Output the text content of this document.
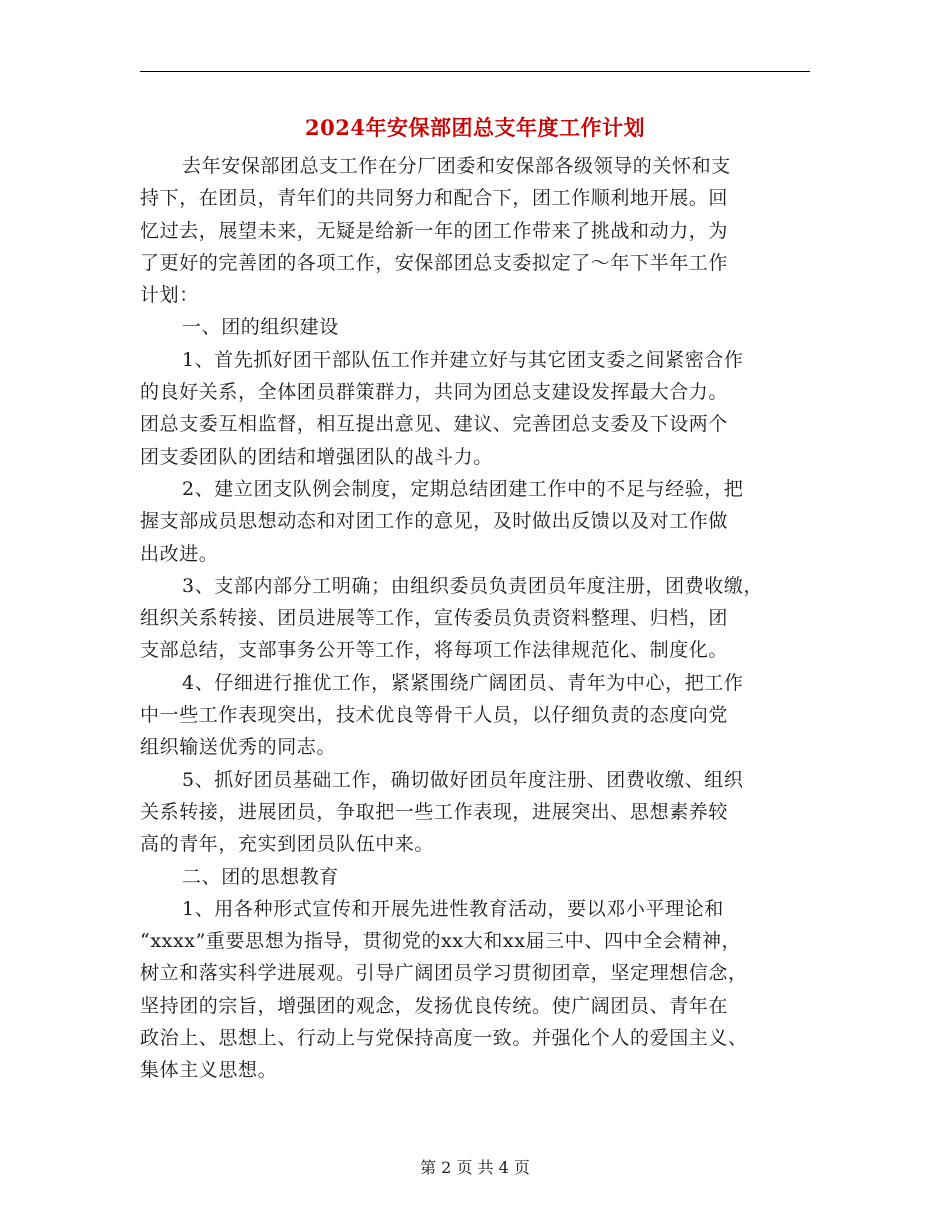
2024年安保部团总支年度工作计划
去年安保部团总支工作在分厂团委和安保部各级领导的关怀和支
持下，在团员，青年们的共同努力和配合下，团工作顺利地开展。回
忆过去，展望未来，无疑是给新一年的团工作带来了挑战和动力，为
了更好的完善团的各项工作，安保部团总支委拟定了～年下半年工作
计划：
一、团的组织建设
1、首先抓好团干部队伍工作并建立好与其它团支委之间紧密合作
的良好关系，全体团员群策群力，共同为团总支建设发挥最大合力。
团总支委互相监督，相互提出意见、建议、完善团总支委及下设两个
团支委团队的团结和增强团队的战斗力。
2、建立团支队例会制度，定期总结团建工作中的不足与经验，把
握支部成员思想动态和对团工作的意见，及时做出反馈以及对工作做
出改进。
3、支部内部分工明确；由组织委员负责团员年度注册，团费收缴，
组织关系转接、团员进展等工作，宣传委员负责资料整理、归档，团
支部总结，支部事务公开等工作，将每项工作法律规范化、制度化。
4、仔细进行推优工作，紧紧围绕广阔团员、青年为中心，把工作
中一些工作表现突出，技术优良等骨干人员，以仔细负责的态度向党
组织输送优秀的同志。
5、抓好团员基础工作，确切做好团员年度注册、团费收缴、组织
关系转接，进展团员，争取把一些工作表现，进展突出、思想素养较
高的青年，充实到团员队伍中来。
二、团的思想教育
1、用各种形式宣传和开展先进性教育活动，要以邓小平理论和
“xxxx”重要思想为指导，贯彻党的xx大和xx届三中、四中全会精神，
树立和落实科学进展观。引导广阔团员学习贯彻团章，坚定理想信念，
坚持团的宗旨，增强团的观念，发扬优良传统。使广阔团员、青年在
政治上、思想上、行动上与党保持高度一致。并强化个人的爱国主义、
集体主义思想。
第 2 页 共 4 页
